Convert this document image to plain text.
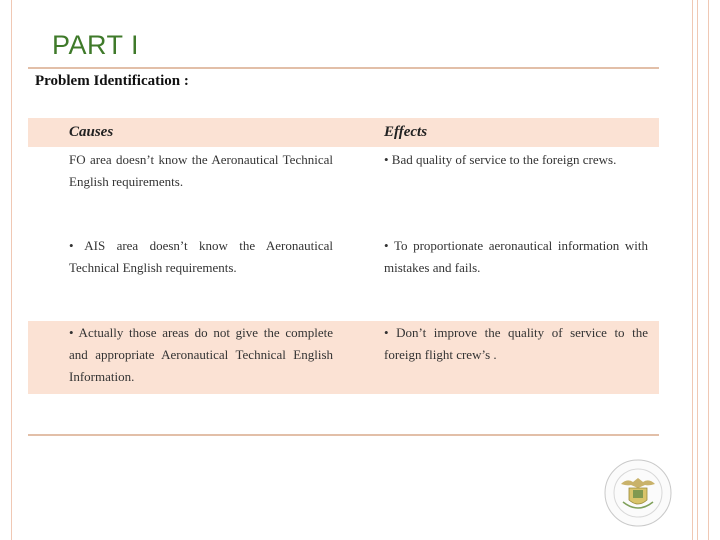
PART I
Problem Identification :
Causes	Effects
FO area doesn’t know the Aeronautical Technical English requirements.
• Bad quality of service to the foreign crews.
• AIS area doesn’t know the Aeronautical Technical English requirements.
• To proportionate aeronautical information with mistakes and fails.
• Actually those areas do not give the complete and appropriate Aeronautical Technical English Information.
• Don’t improve the quality of service to the foreign flight crew’s .
